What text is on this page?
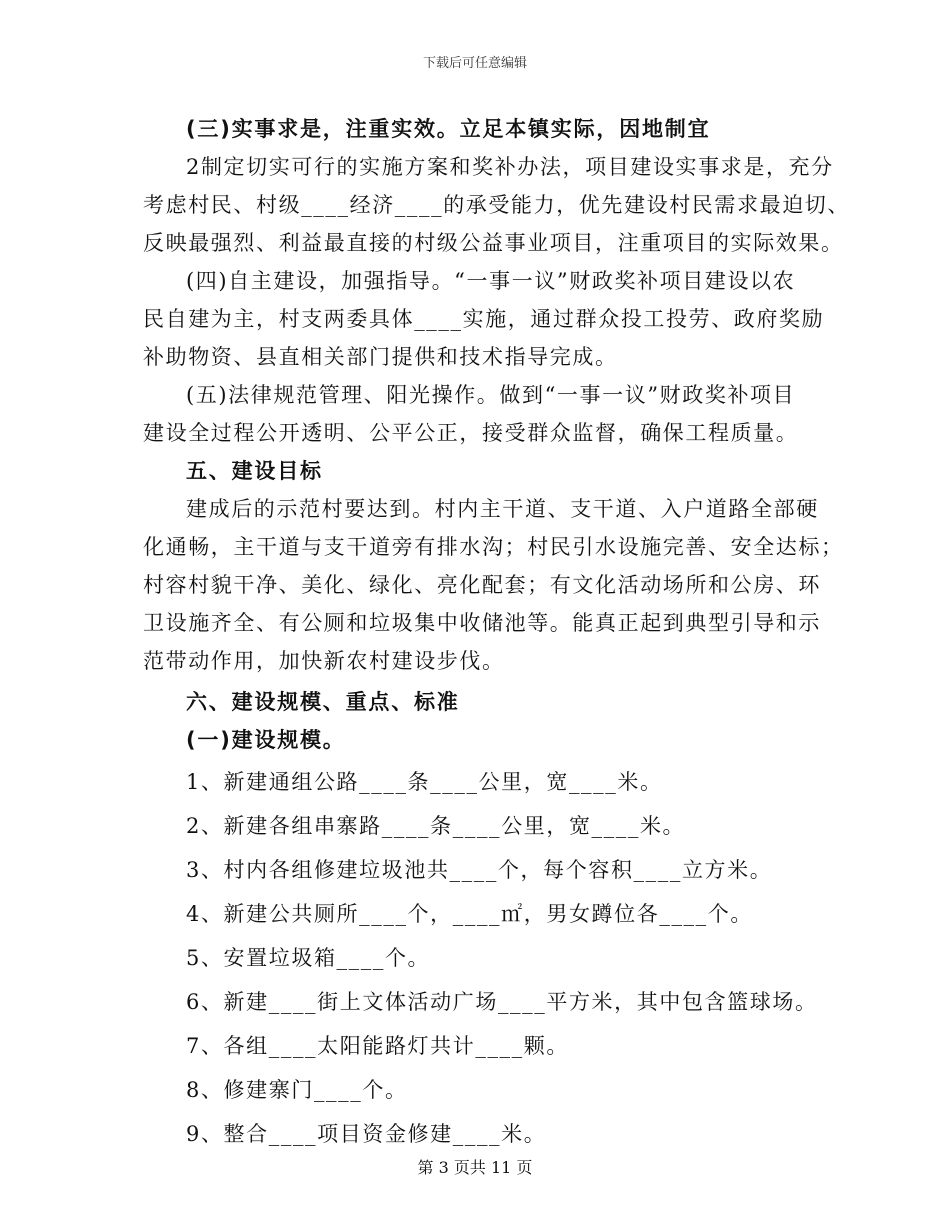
下载后可任意编辑
(三)实事求是，注重实效。立足本镇实际，因地制宜
2制定切实可行的实施方案和奖补办法，项目建设实事求是，充分
考虑村民、村级____经济____的承受能力，优先建设村民需求最迫切、
反映最强烈、利益最直接的村级公益事业项目，注重项目的实际效果。
(四)自主建设，加强指导。“一事一议”财政奖补项目建设以农
民自建为主，村支两委具体____实施，通过群众投工投劳、政府奖励
补助物资、县直相关部门提供和技术指导完成。
(五)法律规范管理、阳光操作。做到“一事一议”财政奖补项目
建设全过程公开透明、公平公正，接受群众监督，确保工程质量。
五、建设目标
建成后的示范村要达到。村内主干道、支干道、入户道路全部硬
化通畅，主干道与支干道旁有排水沟；村民引水设施完善、安全达标；
村容村貌干净、美化、绿化、亮化配套；有文化活动场所和公房、环
卫设施齐全、有公厕和垃圾集中收储池等。能真正起到典型引导和示
范带动作用，加快新农村建设步伐。
六、建设规模、重点、标准
(一)建设规模。
1、新建通组公路____条____公里，宽____米。
2、新建各组串寨路____条____公里，宽____米。
3、村内各组修建垃圾池共____个，每个容积____立方米。
4、新建公共厕所____个，____㎡，男女蹲位各____个。
5、安置垃圾箱____个。
6、新建____街上文体活动广场____平方米，其中包含篮球场。
7、各组____太阳能路灯共计____颗。
8、修建寨门____个。
9、整合____项目资金修建____米。
第 3 页共 11 页
